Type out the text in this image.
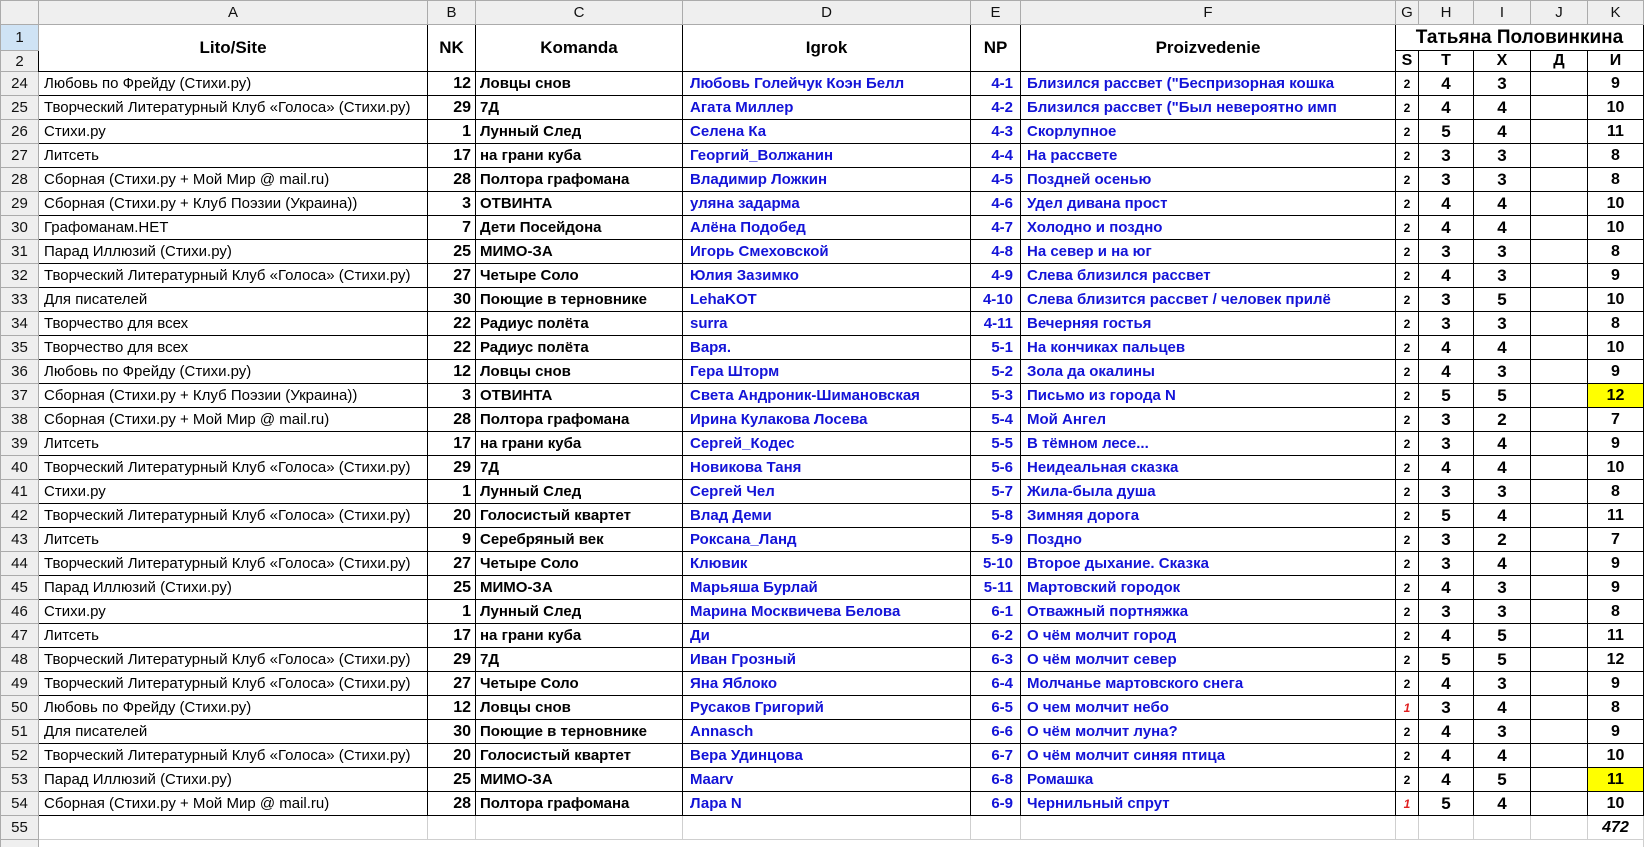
	A	B	C	D	E	F	G	H	I	J	K
1	Lito/Site	NK	Komanda	Igrok	NP	Proizvedenie	Татьяна Половинкина				
2							S	T	X	Д	И
24	Любовь по Фрейду (Стихи.ру)	12	Ловцы снов	Любовь Голейчук Коэн Белл	4-1	Близился рассвет ("Беспризорная кошка	2	4	3		9
25	Творческий Литературный Клуб «Голоса» (Стихи.ру)	29	7Д	Агата Миллер	4-2	Близился рассвет ("Был невероятно имп	2	4	4		10
26	Стихи.ру	1	Лунный След	Селена Ка	4-3	Скорлупное	2	5	4		11
27	Литсеть	17	на грани куба	Георгий_Волжанин	4-4	На рассвете	2	3	3		8
28	Сборная (Стихи.ру + Мой Мир @ mail.ru)	28	Полтора графомана	Владимир Ложкин	4-5	Поздней осенью	2	3	3		8
29	Сборная (Стихи.ру + Клуб Поэзии (Украина))	3	ОТВИНТА	уляна задарма	4-6	Удел дивана прост	2	4	4		10
30	Графоманам.НЕТ	7	Дети Посейдона	Алёна Подобед	4-7	Холодно и поздно	2	4	4		10
31	Парад Иллюзий (Стихи.ру)	25	МИМО-ЗА	Игорь Смеховской	4-8	На север и на юг	2	3	3		8
32	Творческий Литературный Клуб «Голоса» (Стихи.ру)	27	Четыре Соло	Юлия Зазимко	4-9	Слева близился рассвет	2	4	3		9
33	Для писателей	30	Поющие в терновнике	LehaKOT	4-10	Слева близится рассвет / человек прилё	2	3	5		10
34	Творчество для всех	22	Радиус полёта	surra	4-11	Вечерняя гостья	2	3	3		8
35	Творчество для всех	22	Радиус полёта	Варя.	5-1	На кончиках пальцев	2	4	4		10
36	Любовь по Фрейду (Стихи.ру)	12	Ловцы снов	Гера Шторм	5-2	Зола да окалины	2	4	3		9
37	Сборная (Стихи.ру + Клуб Поэзии (Украина))	3	ОТВИНТА	Света Андроник-Шимановская	5-3	Письмо из города N	2	5	5		12
38	Сборная (Стихи.ру + Мой Мир @ mail.ru)	28	Полтора графомана	Ирина Кулакова Лосева	5-4	Мой Ангел	2	3	2		7
39	Литсеть	17	на грани куба	Сергей_Кодес	5-5	В тёмном лесе...	2	3	4		9
40	Творческий Литературный Клуб «Голоса» (Стихи.ру)	29	7Д	Новикова Таня	5-6	Неидеальная сказка	2	4	4		10
41	Стихи.ру	1	Лунный След	Сергей Чел	5-7	Жила-была душа	2	3	3		8
42	Творческий Литературный Клуб «Голоса» (Стихи.ру)	20	Голосистый квартет	Влад Деми	5-8	Зимняя дорога	2	5	4		11
43	Литсеть	9	Серебряный век	Роксана_Ланд	5-9	Поздно	2	3	2		7
44	Творческий Литературный Клуб «Голоса» (Стихи.ру)	27	Четыре Соло	Клювик	5-10	Второе дыхание. Сказка	2	3	4		9
45	Парад Иллюзий (Стихи.ру)	25	МИМО-ЗА	Марьяша Бурлай	5-11	Мартовский городок	2	4	3		9
46	Стихи.ру	1	Лунный След	Марина Москвичева Белова	6-1	Отважный портняжка	2	3	3		8
47	Литсеть	17	на грани куба	Ди	6-2	О чём молчит город	2	4	5		11
48	Творческий Литературный Клуб «Голоса» (Стихи.ру)	29	7Д	Иван Грозный	6-3	О чём молчит север	2	5	5		12
49	Творческий Литературный Клуб «Голоса» (Стихи.ру)	27	Четыре Соло	Яна Яблоко	6-4	Молчанье мартовского снега	2	4	3		9
50	Любовь по Фрейду (Стихи.ру)	12	Ловцы снов	Русаков Григорий	6-5	О чем молчит небо	1	3	4		8
51	Для писателей	30	Поющие в терновнике	Annasch	6-6	О чём молчит луна?	2	4	3		9
52	Творческий Литературный Клуб «Голоса» (Стихи.ру)	20	Голосистый квартет	Вера Удинцова	6-7	О чём молчит синяя птица	2	4	4		10
53	Парад Иллюзий (Стихи.ру)	25	МИМО-ЗА	Maarv	6-8	Ромашка	2	4	5		11
54	Сборная (Стихи.ру + Мой Мир @ mail.ru)	28	Полтора графомана	Лара N	6-9	Чернильный спрут	1	5	4		10
55											472
